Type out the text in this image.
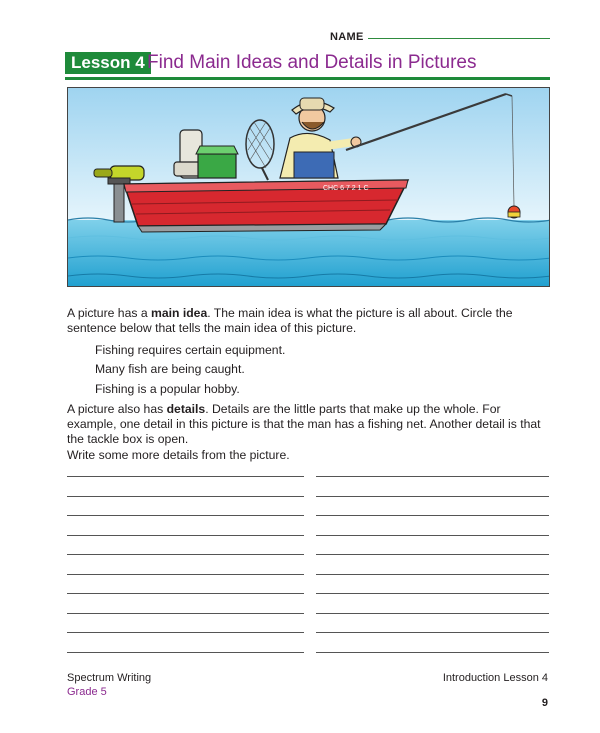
NAME
Lesson 4 Find Main Ideas and Details in Pictures
CHC 6 7 2 1 C
A picture has a main idea. The main idea is what the picture is all about. Circle the sentence below that tells the main idea of this picture.
Fishing requires certain equipment.
Many fish are being caught.
Fishing is a popular hobby.
A picture also has details. Details are the little parts that make up the whole. For example, one detail in this picture is that the man has a fishing net. Another detail is that the tackle box is open.
Write some more details from the picture.
Spectrum Writing
Grade 5
Introduction Lesson 4
9
